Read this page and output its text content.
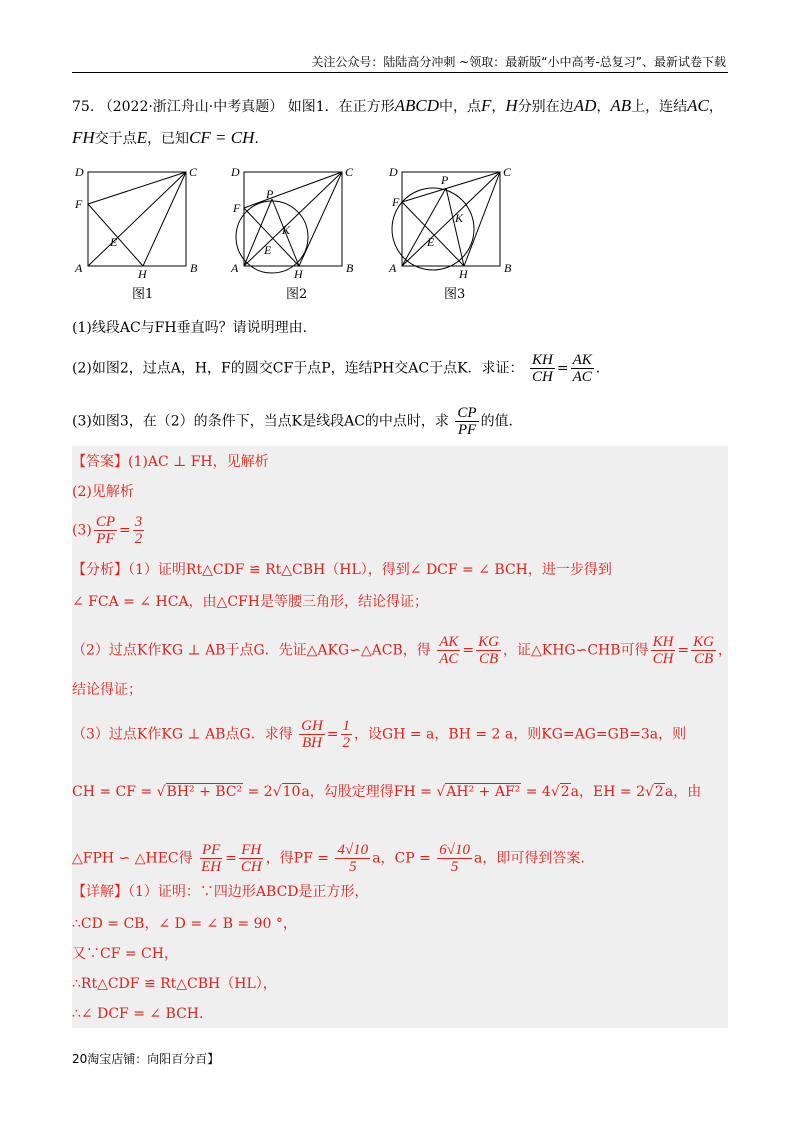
关注公众号：陆陆高分冲刺 ~领取：最新版“小中高考-总复习”、最新试卷下载
75. （2022·浙江舟山·中考真题） 如图1．在正方形ABCD中，点F，H分别在边AD，AB上，连结AC，
FH交于点E，已知CF = CH.
D	C
F
E
A	H	B
D	C
P
F
K
E
A	H	B
D	C
P
F
K
E
A	H	B
图1	图2	图3
(1)线段AC与FH垂直吗？请说明理由.
(2)如图2，过点A，H，F的圆交CF于点P，连结PH交AC于点K．求证： $\frac{KH}{CH} = \frac{AK}{AC}$ .
(3)如图3，在（2）的条件下，当点K是线段AC的中点时，求 $\frac{CP}{PF}$ 的值.
【答案】(1)AC ⊥ FH，见解析
(2)见解析
$(3) \frac{CP}{PF} = \frac{3}{2}$
【分析】（1）证明Rt△CDF ≌ Rt△CBH（HL），得到∠ DCF = ∠ BCH，进一步得到
∠ FCA = ∠ HCA，由△CFH是等腰三角形，结论得证；
（2）过点K作KG ⊥ AB于点G．先证△AKG∽△ACB，得 $\frac{AK}{AC} = \frac{KG}{CB}$ ，证△KHG∽CHB可得 $\frac{KH}{CH} = \frac{KG}{CB}$ ，
结论得证；
（3）过点K作KG ⊥ AB点G．求得 $\frac{GH}{BH} = \frac{1}{2}$ ，设GH = a，BH = 2 a，则KG=AG=GB=3a，则
CH = CF = √BH² + BC² = 2√10a，勾股定理得FH = √AH² + AF² = 4√2a，EH = 2√2a，由
△FPH ∽ △HEC得 $\frac{PF}{EH} = \frac{FH}{CH}$ ，得PF = $\frac{4√10}{5}$ a，CP = $\frac{6√10}{5}$ a，即可得到答案.
【详解】（1）证明：∵四边形ABCD是正方形，
∴CD = CB，∠ D = ∠ B = 90 °，
又∵CF = CH，
∴Rt△CDF ≌ Rt△CBH（HL），
∴∠ DCF = ∠ BCH.
20淘宝店铺：向阳百分百】
